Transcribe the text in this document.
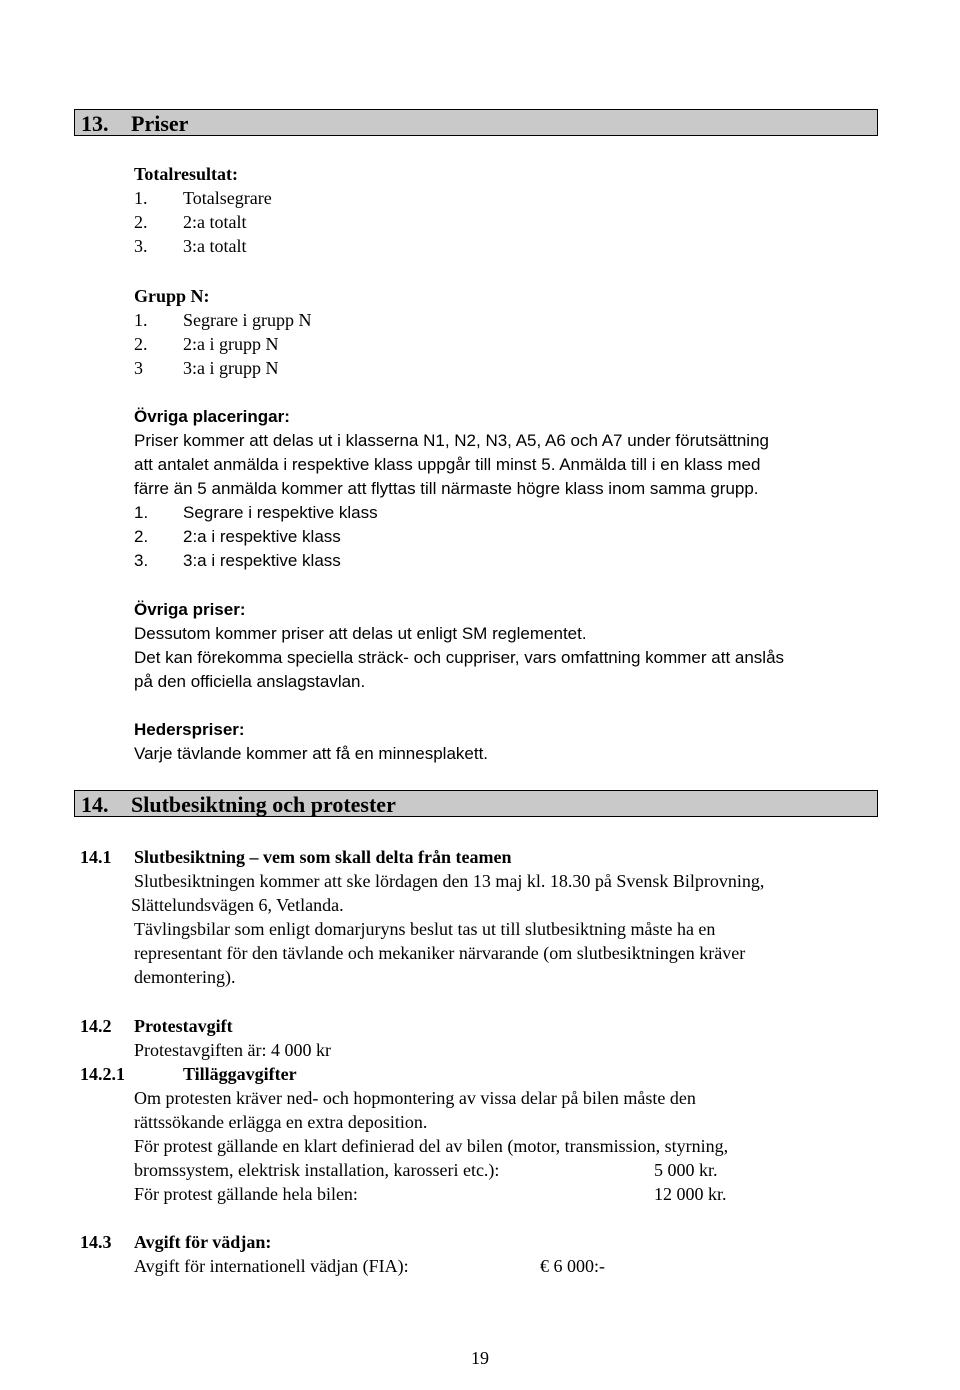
13. Priser
Totalresultat:
1. Totalsegrare
2. 2:a totalt
3. 3:a totalt
Grupp N:
1. Segrare i grupp N
2. 2:a i grupp N
3 3:a i grupp N
Övriga placeringar:
Priser kommer att delas ut i klasserna N1, N2, N3, A5, A6 och A7 under förutsättning
att antalet anmälda i respektive klass uppgår till minst 5. Anmälda till i en klass med
färre än 5 anmälda kommer att flyttas till närmaste högre klass inom samma grupp.
1. Segrare i respektive klass
2. 2:a i respektive klass
3. 3:a i respektive klass
Övriga priser:
Dessutom kommer priser att delas ut enligt SM reglementet.
Det kan förekomma speciella sträck- och cuppriser, vars omfattning kommer att anslås
på den officiella anslagstavlan.
Hederspriser:
Varje tävlande kommer att få en minnesplakett.
14. Slutbesiktning och protester
14.1 Slutbesiktning – vem som skall delta från teamen
Slutbesiktningen kommer att ske lördagen den 13 maj kl. 18.30 på Svensk Bilprovning,
Slättelundsvägen 6, Vetlanda.
Tävlingsbilar som enligt domarjuryns beslut tas ut till slutbesiktning måste ha en
representant för den tävlande och mekaniker närvarande (om slutbesiktningen kräver
demontering).
14.2 Protestavgift
Protestavgiften är: 4 000 kr
14.2.1	Tilläggavgifter
Om protesten kräver ned- och hopmontering av vissa delar på bilen måste den
rättssökande erlägga en extra deposition.
För protest gällande en klart definierad del av bilen (motor, transmission, styrning,
bromssystem, elektrisk installation, karosseri etc.):	5 000 kr.
För protest gällande hela bilen:	12 000 kr.
14.3 Avgift för vädjan:
Avgift för internationell vädjan (FIA):	€ 6 000:-
19
